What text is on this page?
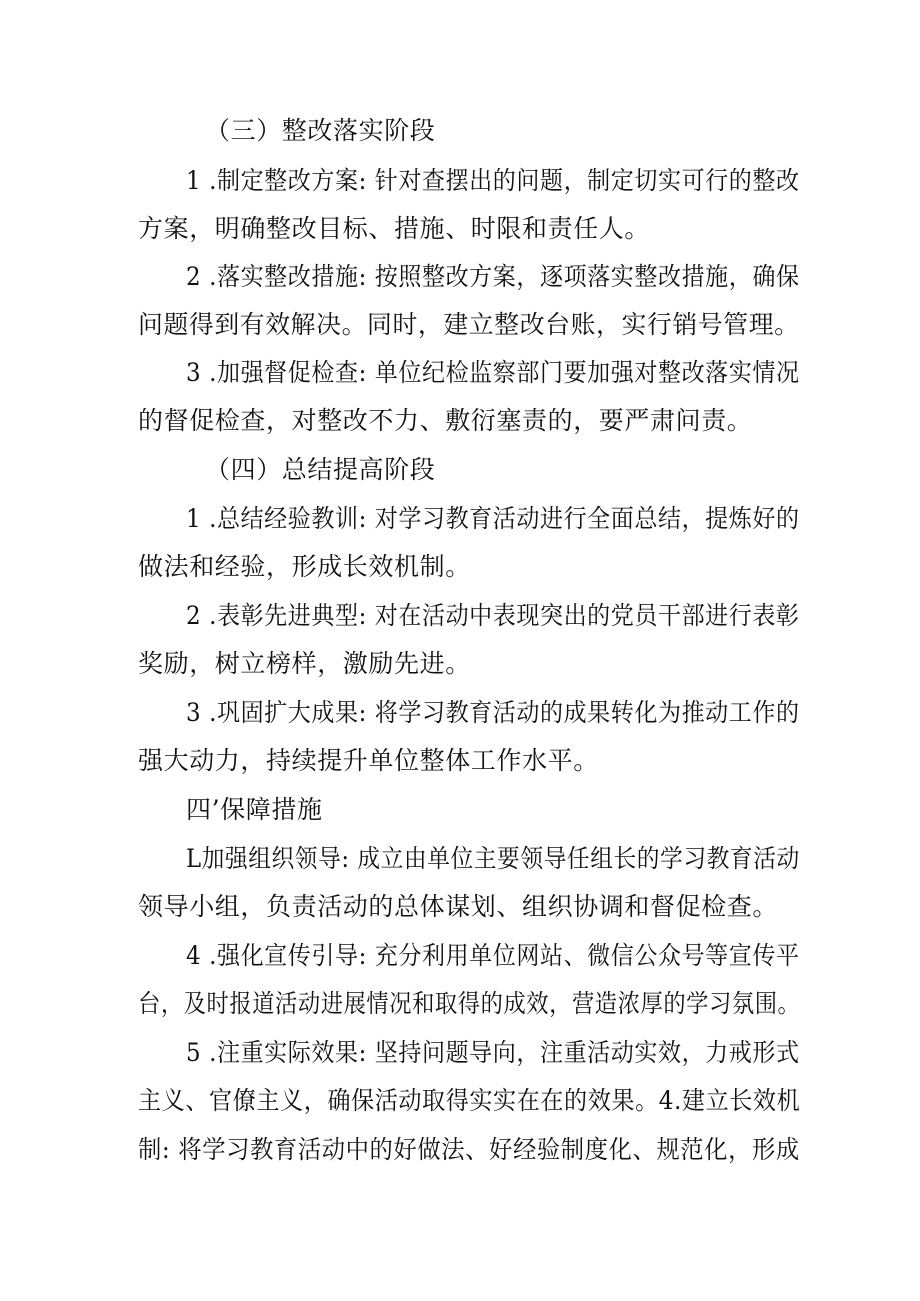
（三）整改落实阶段
1 .制定整改方案: 针对查摆出的问题，制定切实可行的整改
方案，明确整改目标、措施、时限和责任人。
2 .落实整改措施: 按照整改方案，逐项落实整改措施，确保
问题得到有效解决。同时，建立整改台账，实行销号管理。
3 .加强督促检查: 单位纪检监察部门要加强对整改落实情况
的督促检查，对整改不力、敷衍塞责的，要严肃问责。
（四）总结提高阶段
1 .总结经验教训: 对学习教育活动进行全面总结，提炼好的
做法和经验，形成长效机制。
2 .表彰先进典型: 对在活动中表现突出的党员干部进行表彰
奖励，树立榜样，激励先进。
3 .巩固扩大成果: 将学习教育活动的成果转化为推动工作的
强大动力，持续提升单位整体工作水平。
四’保障措施
L加强组织领导: 成立由单位主要领导任组长的学习教育活动
领导小组，负责活动的总体谋划、组织协调和督促检查。
4 .强化宣传引导: 充分利用单位网站、微信公众号等宣传平
台，及时报道活动进展情况和取得的成效，营造浓厚的学习氛围。
5 .注重实际效果: 坚持问题导向，注重活动实效，力戒形式
主义、官僚主义，确保活动取得实实在在的效果。4.建立长效机
制: 将学习教育活动中的好做法、好经验制度化、规范化，形成
